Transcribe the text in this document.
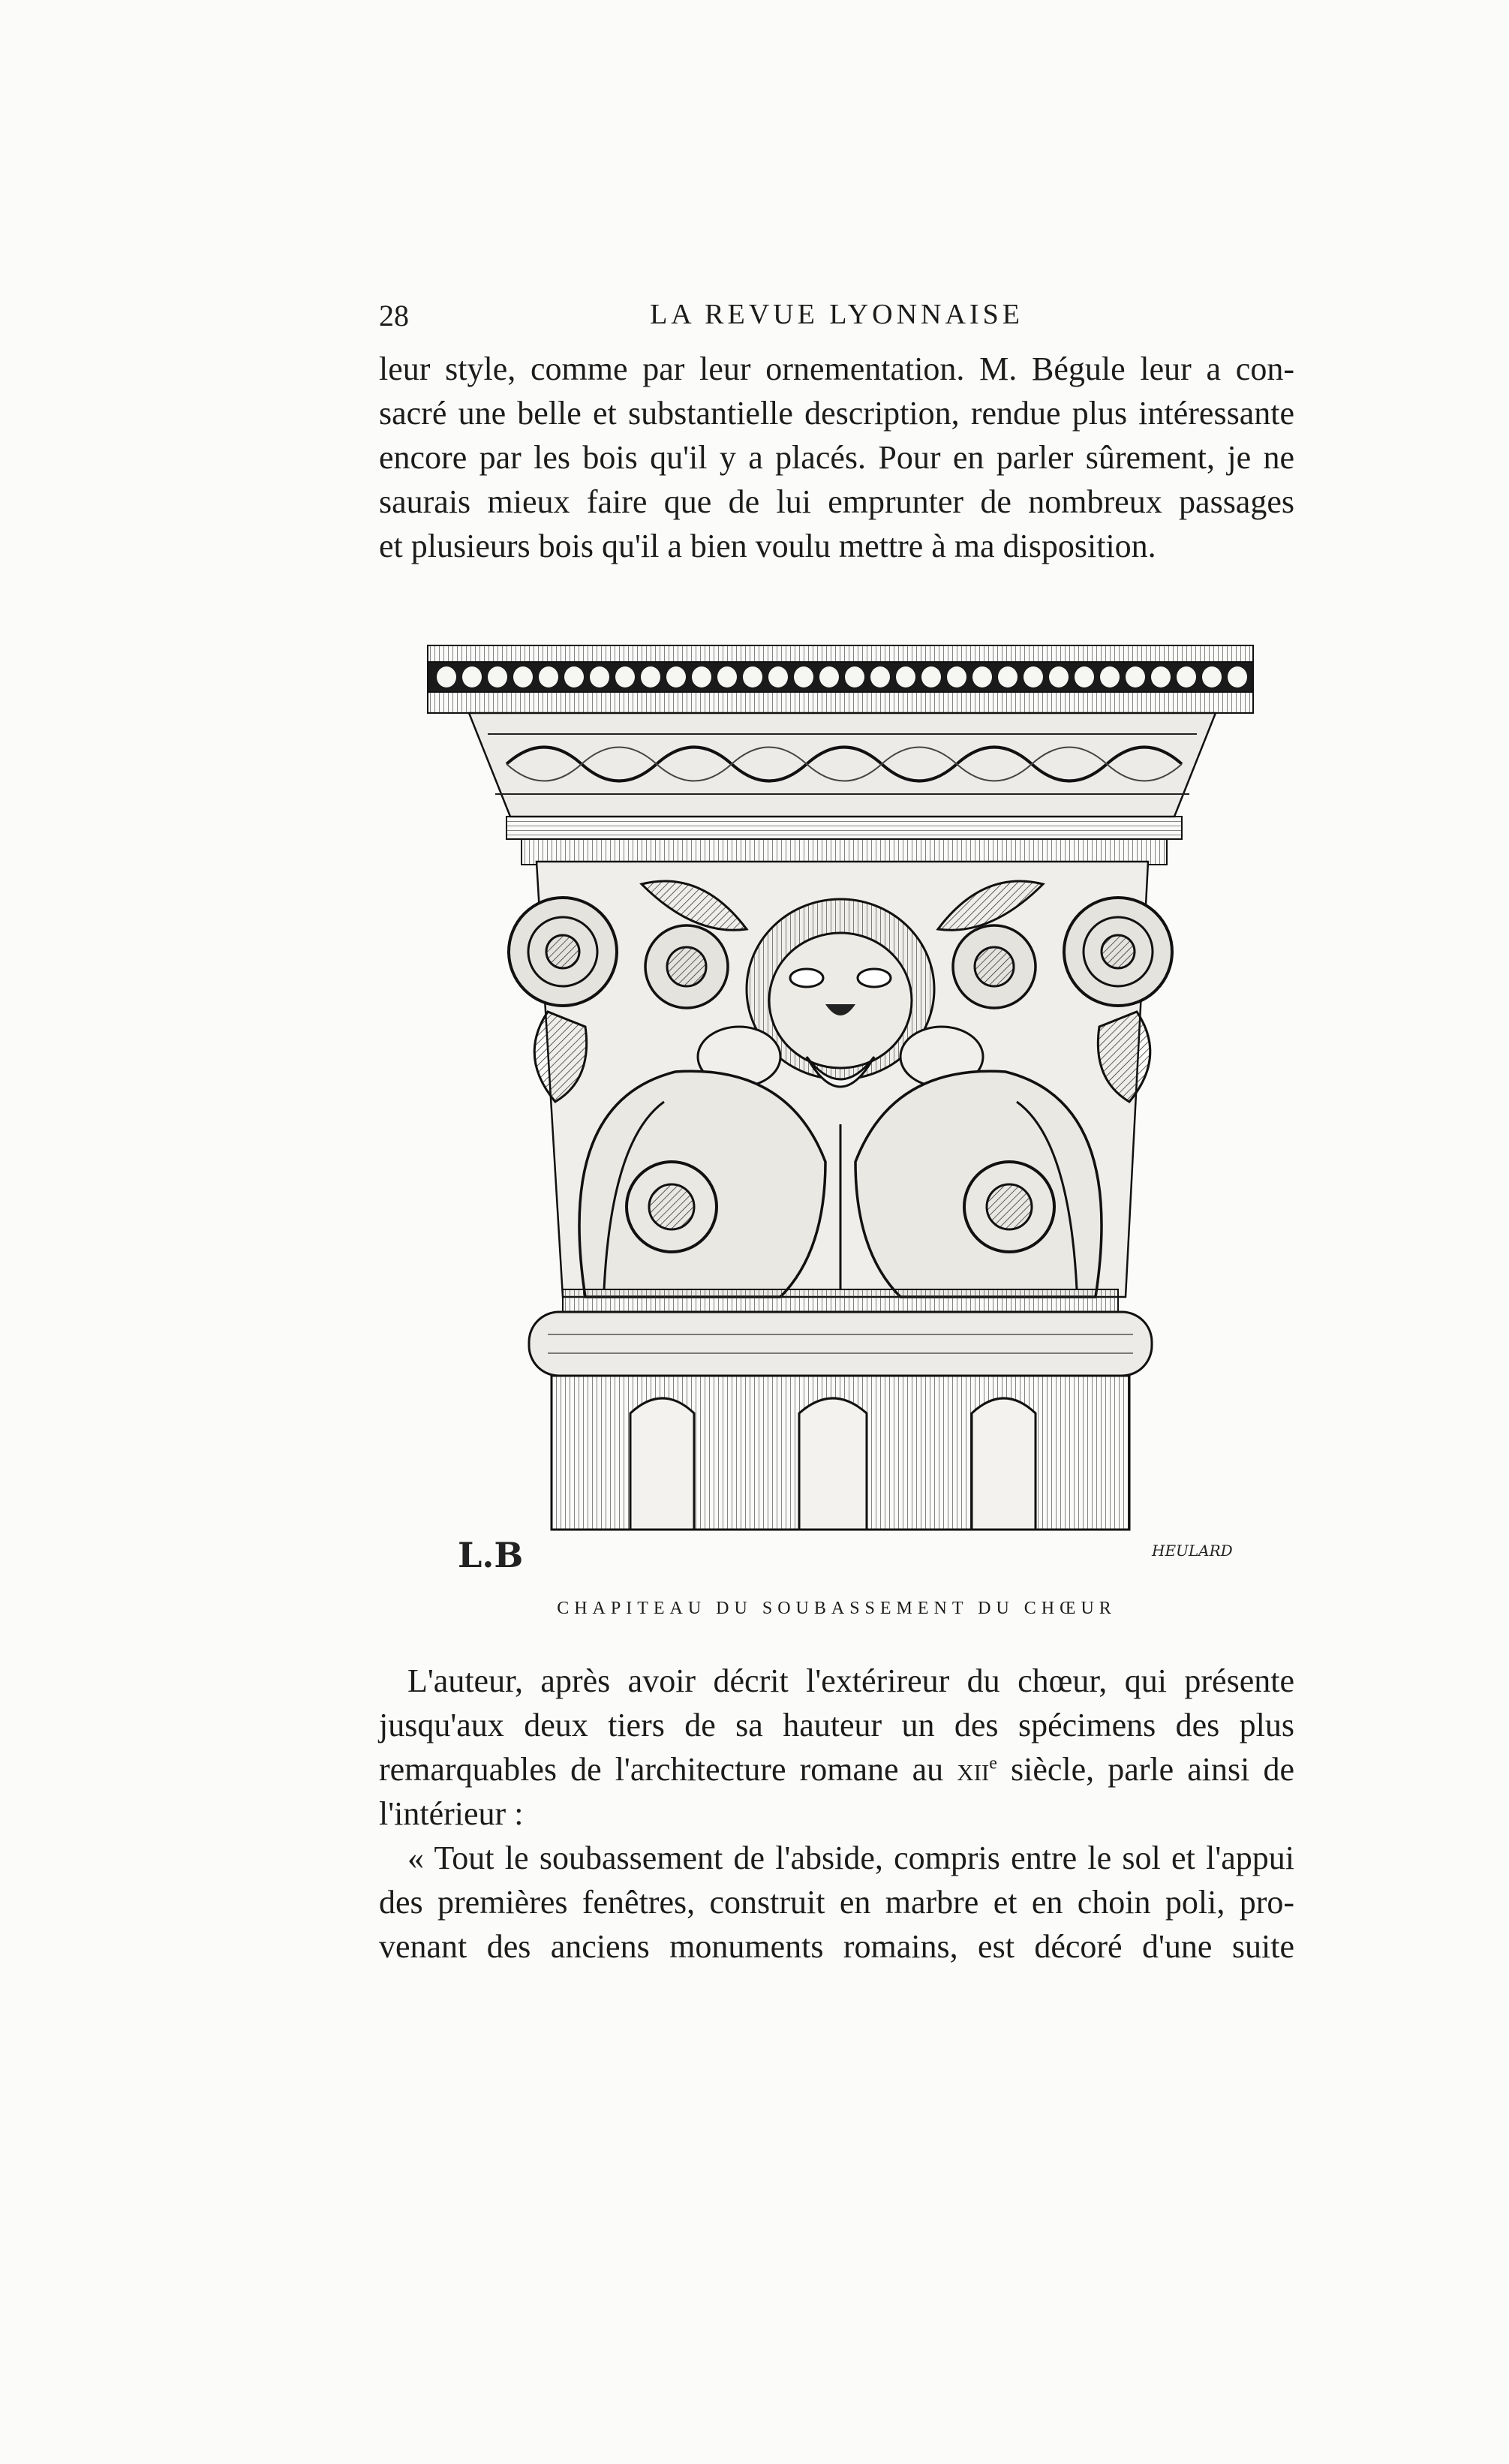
28	LA REVUE LYONNAISE
leur style, comme par leur ornementation. M. Bégule leur a con-
sacré une belle et substantielle description, rendue plus intéressante
encore par les bois qu'il y a placés. Pour en parler sûrement, je ne
saurais mieux faire que de lui emprunter de nombreux passages
et plusieurs bois qu'il a bien voulu mettre à ma disposition.
L.B	HEULARD
CHAPITEAU DU SOUBASSEMENT DU CHŒUR
L'auteur, après avoir décrit l'extérireur du chœur, qui présente
jusqu'aux deux tiers de sa hauteur un des spécimens des plus
remarquables de l'architecture romane au xii$^e$ siècle, parle ainsi de
l'intérieur :
« Tout le soubassement de l'abside, compris entre le sol et l'appui
des premières fenêtres, construit en marbre et en choin poli, pro-
venant des anciens monuments romains, est décoré d'une suite
